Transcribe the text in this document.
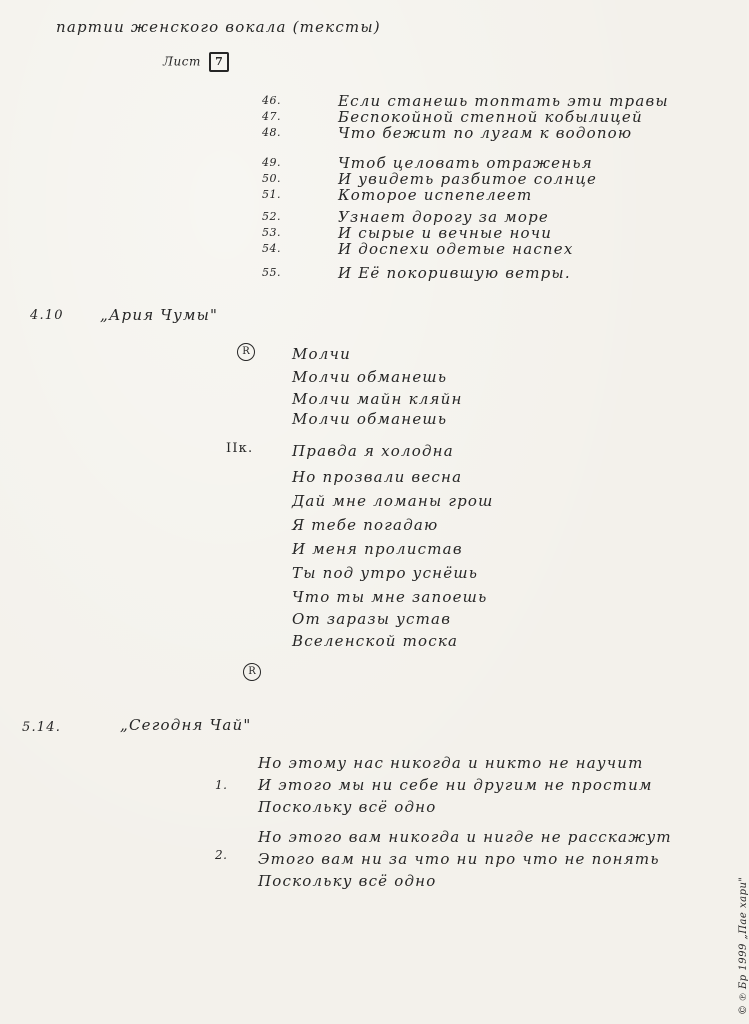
партии женского вокала (тексты)
Лист 7
46.	Если станешь топтать эти травы
47.	Беспокойной степной кобылицей
48.	Что бежит по лугам к водопою
49.	Чтоб целовать отраженья
50.	И увидеть разбитое солнце
51.	Которое испепелеет
52.	Узнает дорогу за море
53.	И сырые и вечные ночи
54.	И доспехи одетые наспех
55.	И Её покорившую ветры.
4.10 „Ария Чумы"
R	Молчи
Молчи обманешь
Молчи майн кляйн
Молчи обманешь
IIк.	Правда я холодна
Но прозвали весна
Дай мне ломаны грош
Я тебе погадаю
И меня пролистав
Ты под утро уснёшь
Что ты мне запоешь
От заразы устав
Вселенской тоска
R
5.14.	„Сегодня Чай"
1.
Но этому нас никогда и никто не научит
И этого мы ни себе ни другим не простим
Поскольку всё одно
2.
Но этого вам никогда и нигде не расскажут
Этого вам ни за что ни про что не понять
Поскольку всё одно	© ℗ Бр 1999 „Пае хари"
